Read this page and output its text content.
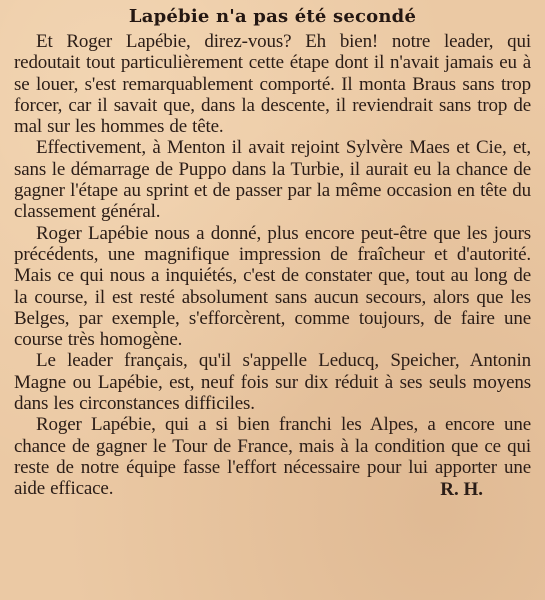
Lapébie n'a pas été secondé

Et Roger Lapébie, direz-vous? Eh bien! notre leader, qui redoutait tout particulièrement cette étape dont il n'avait jamais eu à se louer, s'est remarquablement comporté. Il monta Braus sans trop forcer, car il savait que, dans la descente, il reviendrait sans trop de mal sur les hommes de tête.

Effectivement, à Menton il avait rejoint Sylvère Maes et Cie, et, sans le démarrage de Puppo dans la Turbie, il aurait eu la chance de gagner l'étape au sprint et de passer par la même occasion en tête du classement général.

Roger Lapébie nous a donné, plus encore peut-être que les jours précédents, une magnifique impression de fraîcheur et d'autorité. Mais ce qui nous a inquiétés, c'est de constater que, tout au long de la course, il est resté absolument sans aucun secours, alors que les Belges, par exemple, s'efforcèrent, comme toujours, de faire une course très homogène.

Le leader français, qu'il s'appelle Leducq, Speicher, Antonin Magne ou Lapébie, est, neuf fois sur dix réduit à ses seuls moyens dans les circonstances difficiles.

Roger Lapébie, qui a si bien franchi les Alpes, a encore une chance de gagner le Tour de France, mais à la condition que ce qui reste de notre équipe fasse l'effort nécessaire pour lui apporter une aide efficace.	R. H.
